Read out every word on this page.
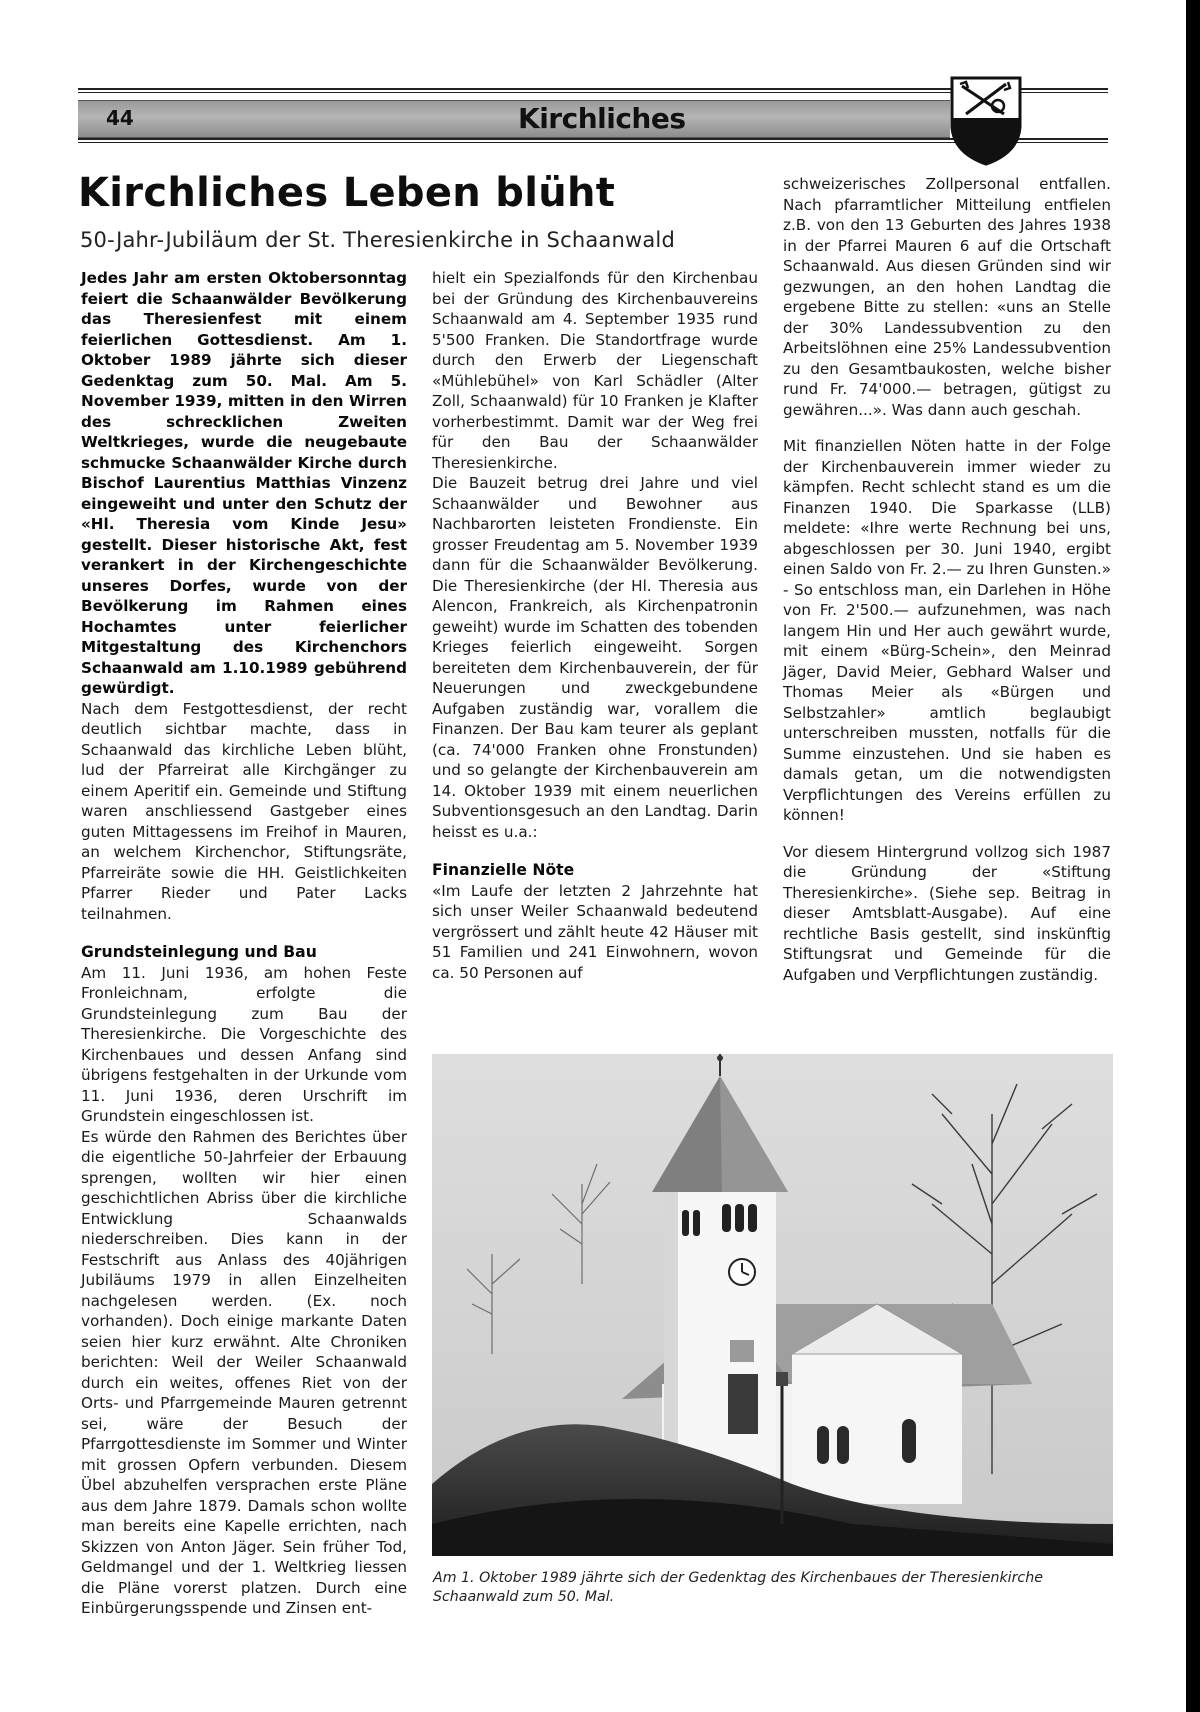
44	Kirchliches
Kirchliches Leben blüht
50-Jahr-Jubiläum der St. Theresienkirche in Schaanwald

Jedes Jahr am ersten Oktobersonntag feiert die Schaanwälder Bevölkerung das Theresienfest mit einem feierlichen Gottesdienst. Am 1. Oktober 1989 jährte sich dieser Gedenktag zum 50. Mal. Am 5. November 1939, mitten in den Wirren des schrecklichen Zweiten Weltkrieges, wurde die neugebaute schmucke Schaanwälder Kirche durch Bischof Laurentius Matthias Vinzenz eingeweiht und unter den Schutz der «Hl. Theresia vom Kinde Jesu» gestellt. Dieser historische Akt, fest verankert in der Kirchengeschichte unseres Dorfes, wurde von der Bevölkerung im Rahmen eines Hochamtes unter feierlicher Mitgestaltung des Kirchenchors Schaanwald am 1.10.1989 gebührend gewürdigt.

Nach dem Festgottesdienst, der recht deutlich sichtbar machte, dass in Schaanwald das kirchliche Leben blüht, lud der Pfarreirat alle Kirchgänger zu einem Aperitif ein. Gemeinde und Stiftung waren anschliessend Gastgeber eines guten Mittagessens im Freihof in Mauren, an welchem Kirchenchor, Stiftungsräte, Pfarreiräte sowie die HH. Geistlichkeiten Pfarrer Rieder und Pater Lacks teilnahmen.

Grundsteinlegung und Bau

Am 11. Juni 1936, am hohen Feste Fronleichnam, erfolgte die Grundsteinlegung zum Bau der Theresienkirche. Die Vorgeschichte des Kirchenbaues und dessen Anfang sind übrigens festgehalten in der Urkunde vom 11. Juni 1936, deren Urschrift im Grundstein eingeschlossen ist.

Es würde den Rahmen des Berichtes über die eigentliche 50-Jahrfeier der Erbauung sprengen, wollten wir hier einen geschichtlichen Abriss über die kirchliche Entwicklung Schaanwalds niederschreiben. Dies kann in der Festschrift aus Anlass des 40jährigen Jubiläums 1979 in allen Einzelheiten nachgelesen werden. (Ex. noch vorhanden). Doch einige markante Daten seien hier kurz erwähnt. Alte Chroniken berichten: Weil der Weiler Schaanwald durch ein weites, offenes Riet von der Orts- und Pfarrgemeinde Mauren getrennt sei, wäre der Besuch der Pfarrgottesdienste im Sommer und Winter mit grossen Opfern verbunden. Diesem Übel abzuhelfen versprachen erste Pläne aus dem Jahre 1879. Damals schon wollte man bereits eine Kapelle errichten, nach Skizzen von Anton Jäger. Sein früher Tod, Geldmangel und der 1. Weltkrieg liessen die Pläne vorerst platzen. Durch eine Einbürgerungsspende und Zinsen ent-

hielt ein Spezialfonds für den Kirchenbau bei der Gründung des Kirchenbauvereins Schaanwald am 4. September 1935 rund 5'500 Franken. Die Standortfrage wurde durch den Erwerb der Liegenschaft «Mühlebühel» von Karl Schädler (Alter Zoll, Schaanwald) für 10 Franken je Klafter vorherbestimmt. Damit war der Weg frei für den Bau der Schaanwälder Theresienkirche.

Die Bauzeit betrug drei Jahre und viel Schaanwälder und Bewohner aus Nachbarorten leisteten Frondienste. Ein grosser Freudentag am 5. November 1939 dann für die Schaanwälder Bevölkerung. Die Theresienkirche (der Hl. Theresia aus Alencon, Frankreich, als Kirchenpatronin geweiht) wurde im Schatten des tobenden Krieges feierlich eingeweiht. Sorgen bereiteten dem Kirchenbauverein, der für Neuerungen und zweckgebundene Aufgaben zuständig war, vorallem die Finanzen. Der Bau kam teurer als geplant (ca. 74'000 Franken ohne Fronstunden) und so gelangte der Kirchenbauverein am 14. Oktober 1939 mit einem neuerlichen Subventionsgesuch an den Landtag. Darin heisst es u.a.:

Finanzielle Nöte

«Im Laufe der letzten 2 Jahrzehnte hat sich unser Weiler Schaanwald bedeutend vergrössert und zählt heute 42 Häuser mit 51 Familien und 241 Einwohnern, wovon ca. 50 Personen auf

schweizerisches Zollpersonal entfallen. Nach pfarramtlicher Mitteilung entfielen z.B. von den 13 Geburten des Jahres 1938 in der Pfarrei Mauren 6 auf die Ortschaft Schaanwald. Aus diesen Gründen sind wir gezwungen, an den hohen Landtag die ergebene Bitte zu stellen: «uns an Stelle der 30% Landessubvention zu den Arbeitslöhnen eine 25% Landessubvention zu den Gesamtbaukosten, welche bisher rund Fr. 74'000.— betragen, gütigst zu gewähren...». Was dann auch geschah.

Mit finanziellen Nöten hatte in der Folge der Kirchenbauverein immer wieder zu kämpfen. Recht schlecht stand es um die Finanzen 1940. Die Sparkasse (LLB) meldete: «Ihre werte Rechnung bei uns, abgeschlossen per 30. Juni 1940, ergibt einen Saldo von Fr. 2.— zu Ihren Gunsten.» - So entschloss man, ein Darlehen in Höhe von Fr. 2'500.— aufzunehmen, was nach langem Hin und Her auch gewährt wurde, mit einem «Bürg-Schein», den Meinrad Jäger, David Meier, Gebhard Walser und Thomas Meier als «Bürgen und Selbstzahler» amtlich beglaubigt unterschreiben mussten, notfalls für die Summe einzustehen. Und sie haben es damals getan, um die notwendigsten Verpflichtungen des Vereins erfüllen zu können!

Vor diesem Hintergrund vollzog sich 1987 die Gründung der «Stiftung Theresienkirche». (Siehe sep. Beitrag in dieser Amtsblatt-Ausgabe). Auf eine rechtliche Basis gestellt, sind inskünftig Stiftungsrat und Gemeinde für die Aufgaben und Verpflichtungen zuständig.

Am 1. Oktober 1989 jährte sich der Gedenktag des Kirchenbaues der Theresienkirche Schaanwald zum 50. Mal.
